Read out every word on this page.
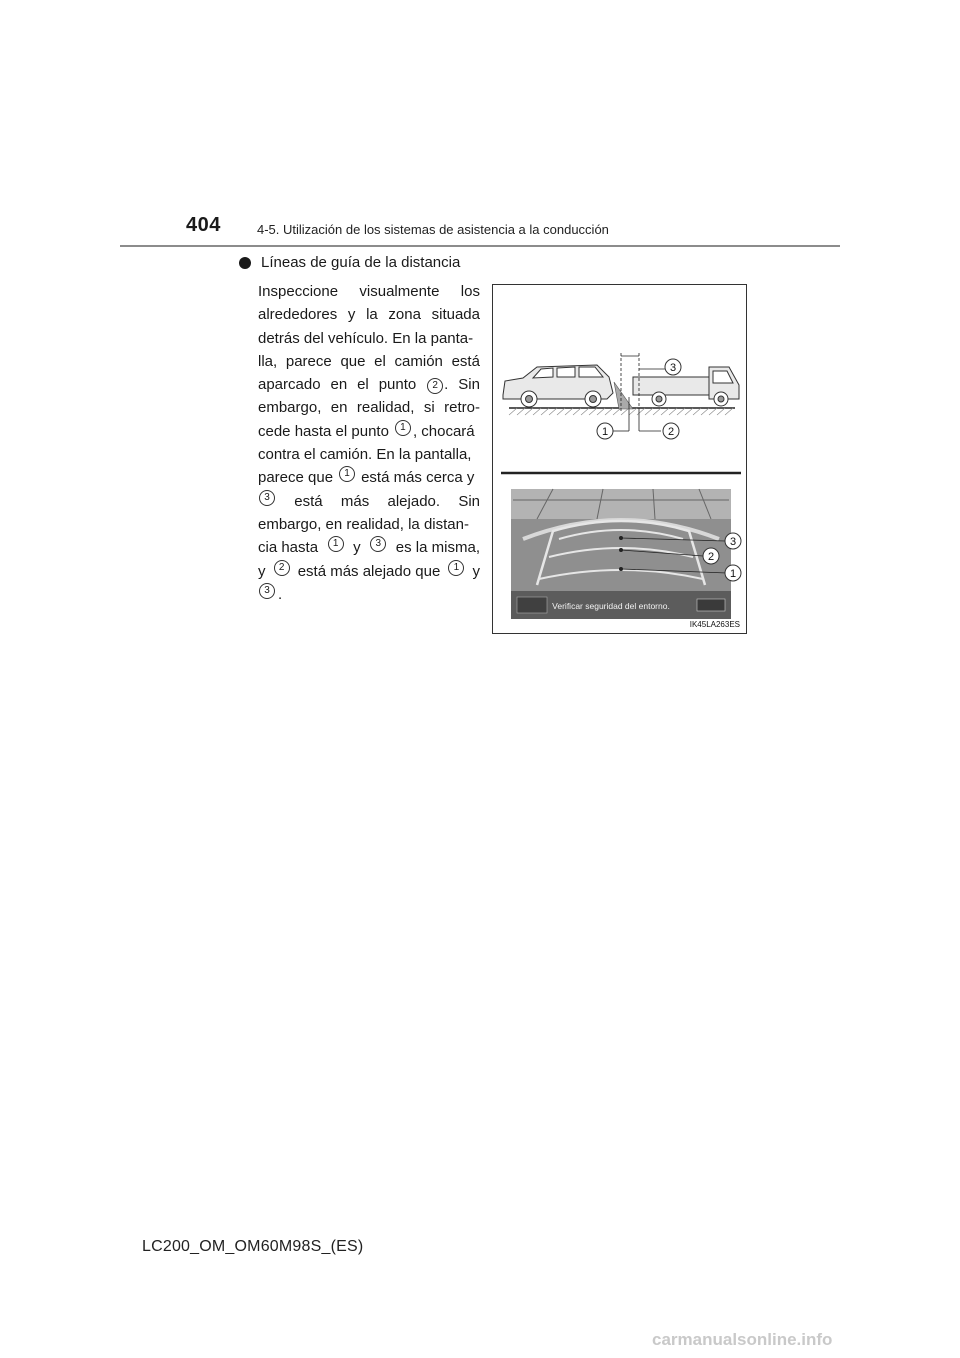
404	4-5. Utilización de los sistemas de asistencia a la conducción
Líneas de guía de la distancia
Inspeccione visualmente los
alrededores y la zona situada
detrás del vehículo. En la panta-
lla, parece que el camión está
aparcado en el punto	2 . Sin
embargo, en realidad, si retro-
cede hasta el punto	1 , chocará
contra el camión. En la pantalla,
parece que	1 está más cerca y
3	está más alejado. Sin
embargo, en realidad, la distan-
cia hasta	1 y	3 es la misma,
y	2 está más alejado que	1 y
3 .
3
1	2
Verificar seguridad del entorno.
3
2
1
IK45LA263ES
LC200_OM_OM60M98S_(ES)
carmanualsonline.info
